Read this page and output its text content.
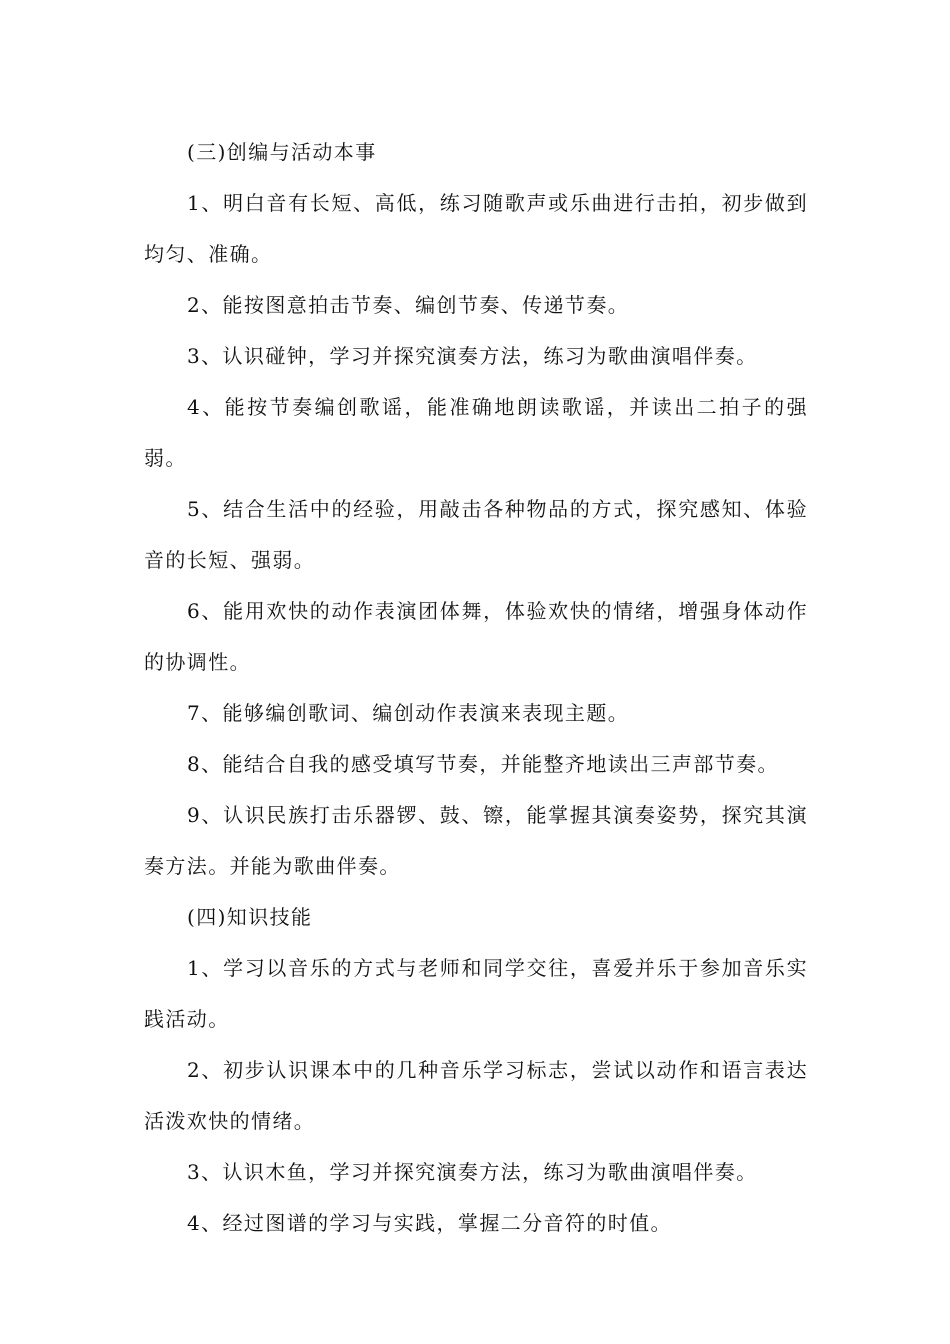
(三)创编与活动本事

1、明白音有长短、高低，练习随歌声或乐曲进行击拍，初步做到均匀、准确。

2、能按图意拍击节奏、编创节奏、传递节奏。

3、认识碰钟，学习并探究演奏方法，练习为歌曲演唱伴奏。

4、能按节奏编创歌谣，能准确地朗读歌谣，并读出二拍子的强弱。

5、结合生活中的经验，用敲击各种物品的方式，探究感知、体验音的长短、强弱。

6、能用欢快的动作表演团体舞，体验欢快的情绪，增强身体动作的协调性。

7、能够编创歌词、编创动作表演来表现主题。

8、能结合自我的感受填写节奏，并能整齐地读出三声部节奏。

9、认识民族打击乐器锣、鼓、镲，能掌握其演奏姿势，探究其演奏方法。并能为歌曲伴奏。

(四)知识技能

1、学习以音乐的方式与老师和同学交往，喜爱并乐于参加音乐实践活动。

2、初步认识课本中的几种音乐学习标志，尝试以动作和语言表达活泼欢快的情绪。

3、认识木鱼，学习并探究演奏方法，练习为歌曲演唱伴奏。

4、经过图谱的学习与实践，掌握二分音符的时值。
